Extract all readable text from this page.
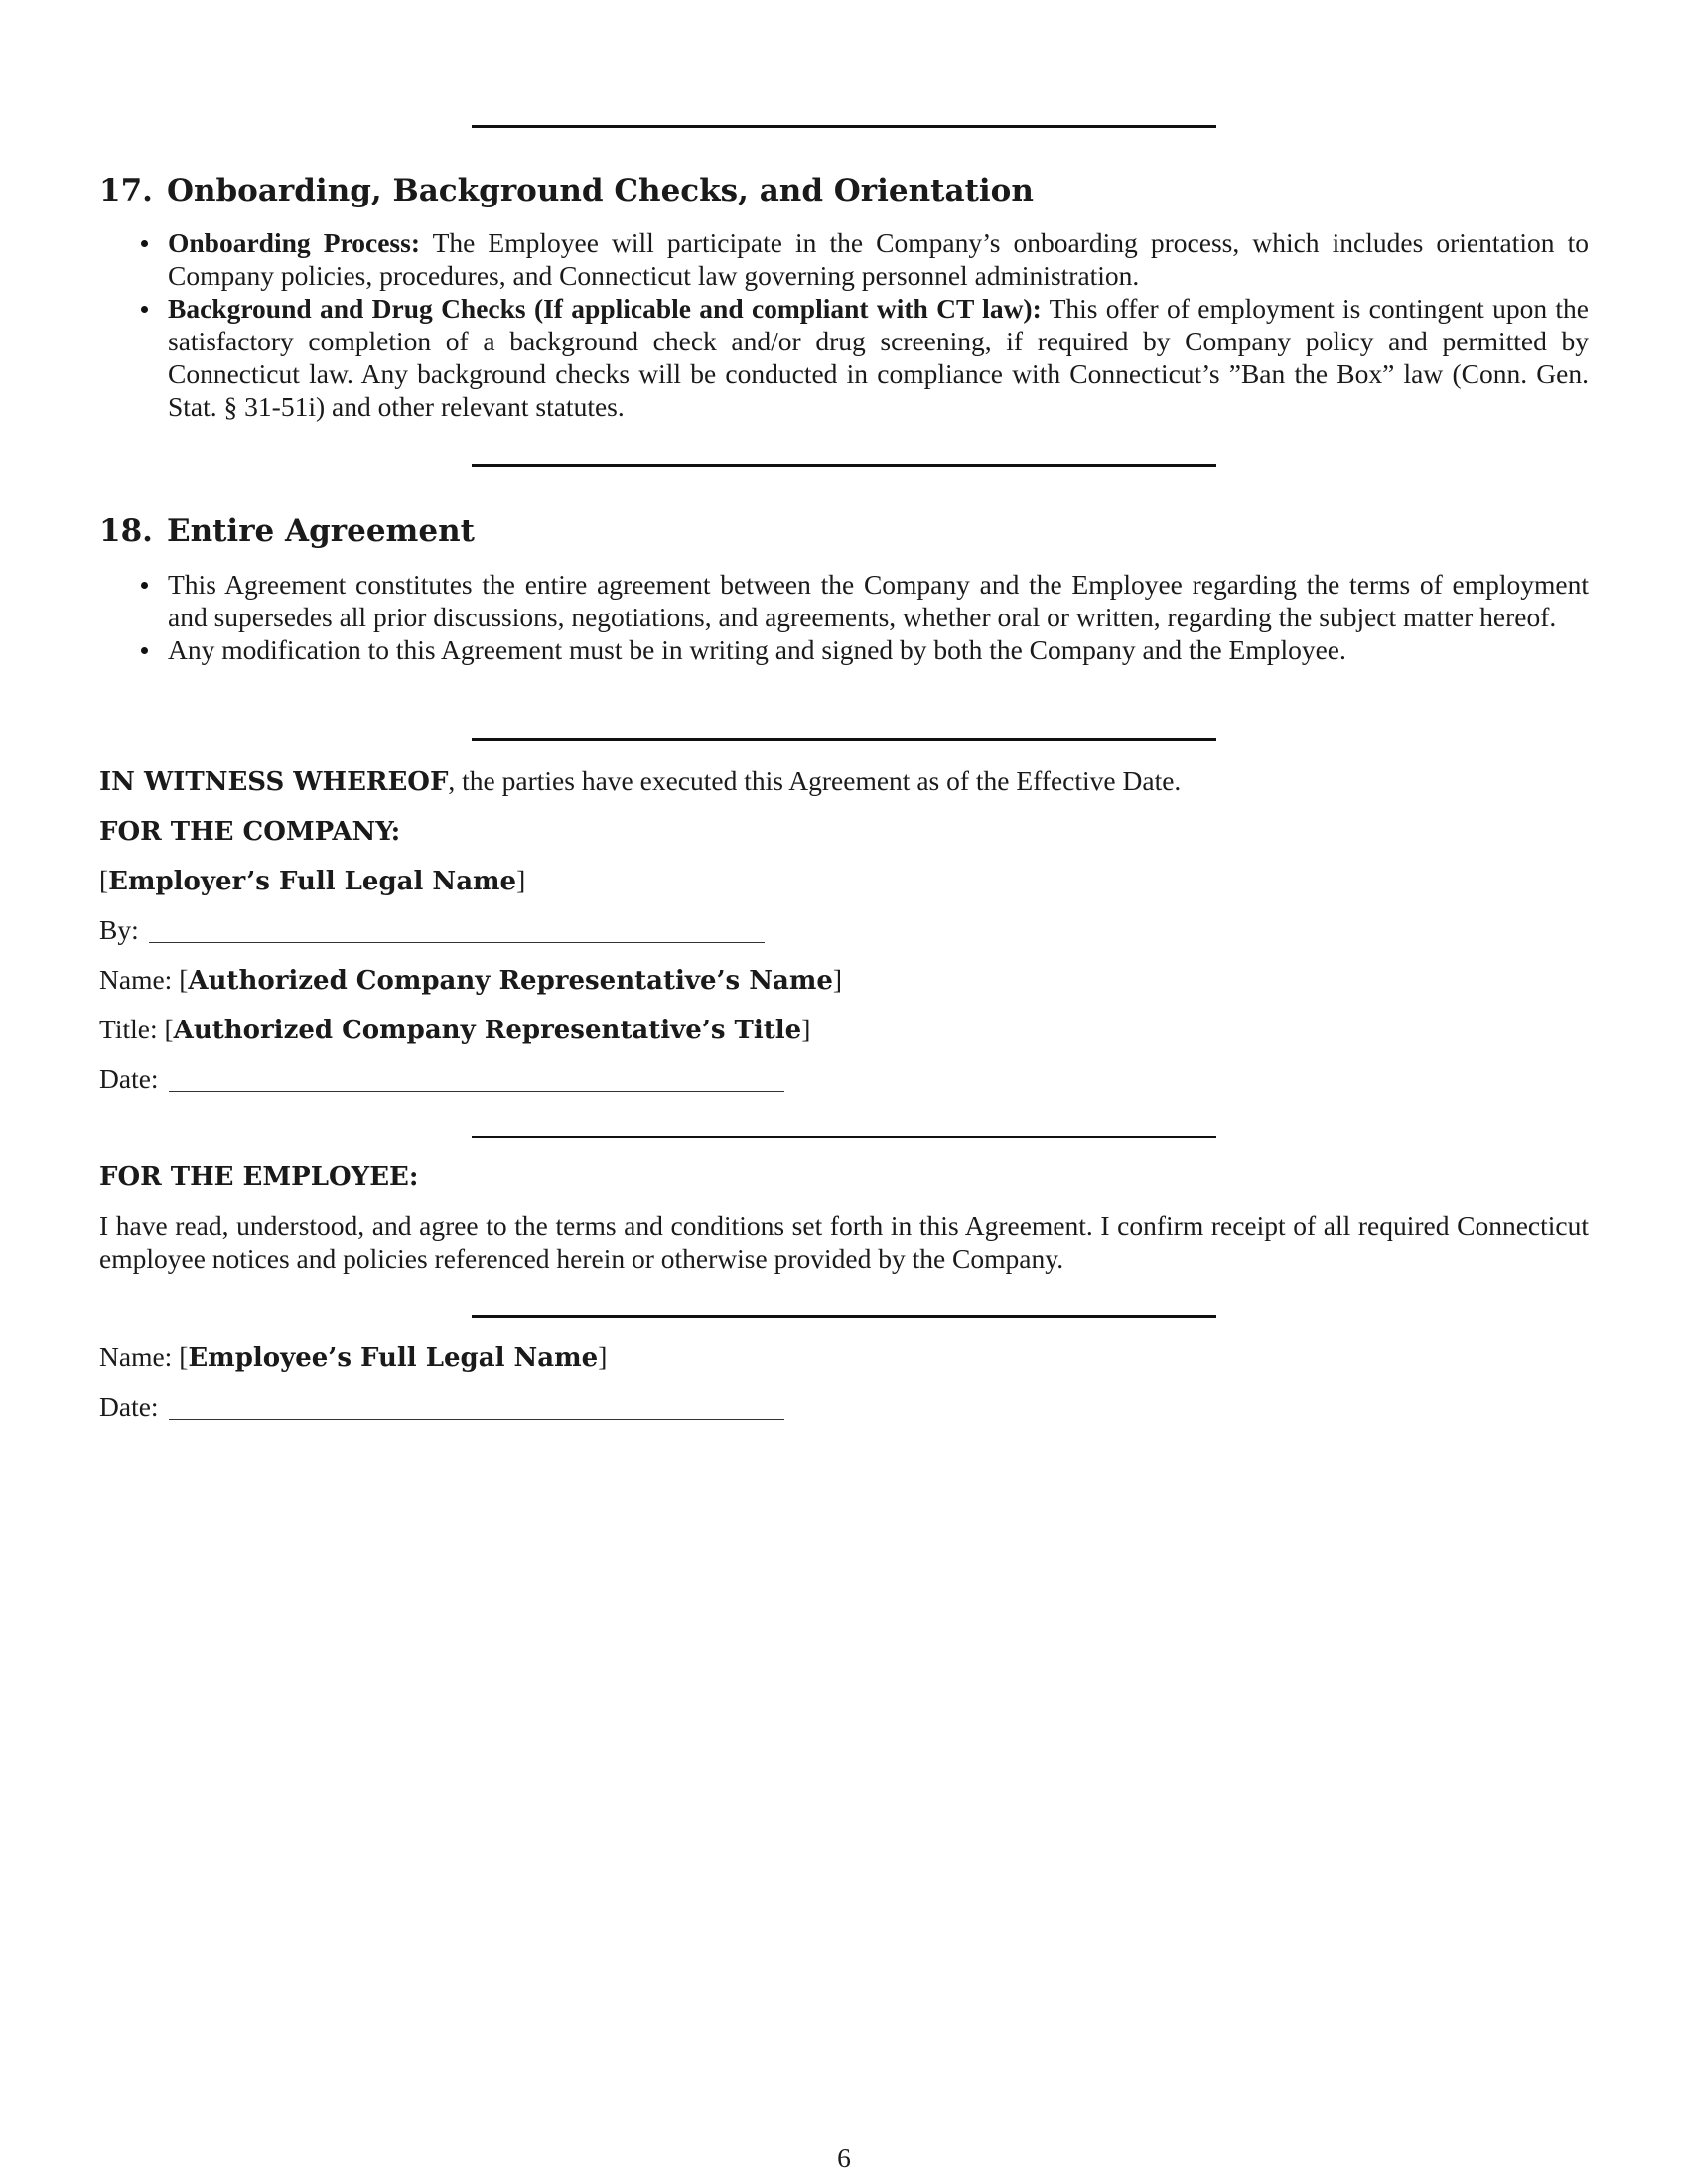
17. Onboarding, Background Checks, and Orientation
Onboarding Process: The Employee will participate in the Company’s onboarding process, which includes orientation to Company policies, procedures, and Connecticut law governing personnel administration.
Background and Drug Checks (If applicable and compliant with CT law): This offer of employment is contingent upon the satisfactory completion of a background check and/or drug screening, if required by Company policy and permitted by Connecticut law. Any background checks will be conducted in compliance with Connecticut’s ”Ban the Box” law (Conn. Gen. Stat. § 31-51i) and other relevant statutes.
18. Entire Agreement
This Agreement constitutes the entire agreement between the Company and the Employee regarding the terms of employment and supersedes all prior discussions, negotiations, and agreements, whether oral or written, regarding the subject matter hereof.
Any modification to this Agreement must be in writing and signed by both the Company and the Employee.

IN WITNESS WHEREOF, the parties have executed this Agreement as of the Effective Date.

FOR THE COMPANY:

[Employer’s Full Legal Name]

By:

Name: [Authorized Company Representative’s Name]

Title: [Authorized Company Representative’s Title]

Date:

FOR THE EMPLOYEE:

I have read, understood, and agree to the terms and conditions set forth in this Agreement. I confirm receipt of all required Connecticut employee notices and policies referenced herein or otherwise provided by the Company.

Name: [Employee’s Full Legal Name]

Date:

6
